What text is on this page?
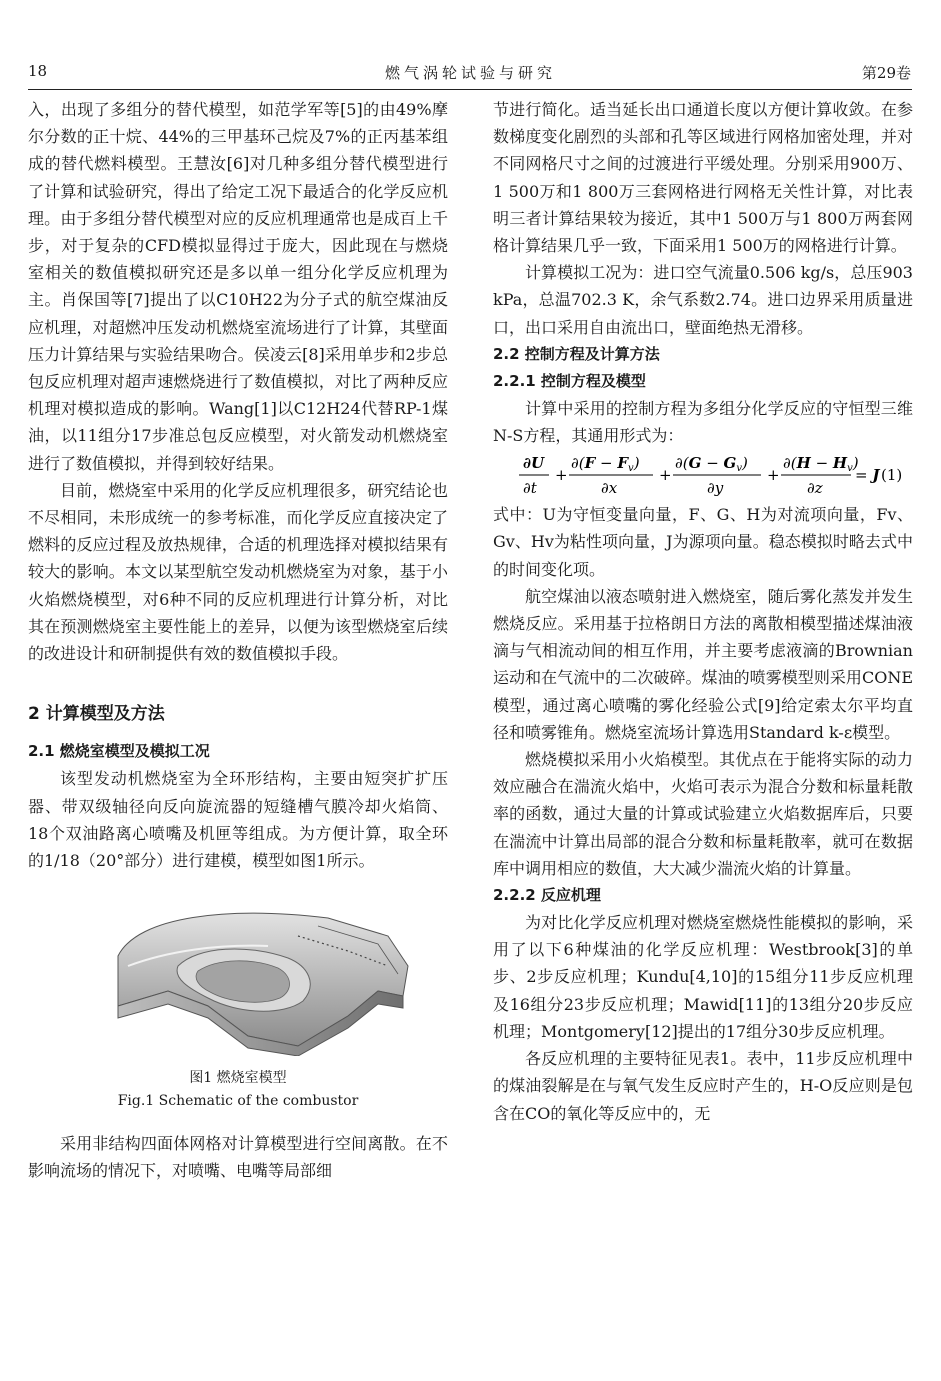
18	燃气涡轮试验与研究	第29卷

入，出现了多组分的替代模型，如范学军等[5]的由49%摩尔分数的正十烷、44%的三甲基环己烷及7%的正丙基苯组成的替代燃料模型。王慧汝[6]对几种多组分替代模型进行了计算和试验研究，得出了给定工况下最适合的化学反应机理。由于多组分替代模型对应的反应机理通常也是成百上千步，对于复杂的CFD模拟显得过于庞大，因此现在与燃烧室相关的数值模拟研究还是多以单一组分化学反应机理为主。肖保国等[7]提出了以C10H22为分子式的航空煤油反应机理，对超燃冲压发动机燃烧室流场进行了计算，其壁面压力计算结果与实验结果吻合。侯凌云[8]采用单步和2步总包反应机理对超声速燃烧进行了数值模拟，对比了两种反应机理对模拟造成的影响。Wang[1]以C12H24代替RP-1煤油，以11组分17步准总包反应模型，对火箭发动机燃烧室进行了数值模拟，并得到较好结果。

目前，燃烧室中采用的化学反应机理很多，研究结论也不尽相同，未形成统一的参考标准，而化学反应直接决定了燃料的反应过程及放热规律，合适的机理选择对模拟结果有较大的影响。本文以某型航空发动机燃烧室为对象，基于小火焰燃烧模型，对6种不同的反应机理进行计算分析，对比其在预测燃烧室主要性能上的差异，以便为该型燃烧室后续的改进设计和研制提供有效的数值模拟手段。

2 计算模型及方法
2.1 燃烧室模型及模拟工况

该型发动机燃烧室为全环形结构，主要由短突扩扩压器、带双级轴径向反向旋流器的短缝槽气膜冷却火焰筒、18个双油路离心喷嘴及机匣等组成。为方便计算，取全环的1/18（20°部分）进行建模，模型如图1所示。

图1 燃烧室模型
Fig.1 Schematic of the combustor

采用非结构四面体网格对计算模型进行空间离散。在不影响流场的情况下，对喷嘴、电嘴等局部细

节进行简化。适当延长出口通道长度以方便计算收敛。在参数梯度变化剧烈的头部和孔等区域进行网格加密处理，并对不同网格尺寸之间的过渡进行平缓处理。分别采用900万、1 500万和1 800万三套网格进行网格无关性计算，对比表明三者计算结果较为接近，其中1 500万与1 800万两套网格计算结果几乎一致，下面采用1 500万的网格进行计算。

计算模拟工况为：进口空气流量0.506 kg/s，总压903 kPa，总温702.3 K，余气系数2.74。进口边界采用质量进口，出口采用自由流出口，壁面绝热无滑移。

2.2 控制方程及计算方法
2.2.1 控制方程及模型

计算中采用的控制方程为多组分化学反应的守恒型三维N-S方程，其通用形式为：

∂U
∂t
+
$\partial(F - F_v)$
∂x
+
$\partial(G - G_v)$
∂y
+
$\partial(H - H_v)$
∂z
= J (1)

式中：U为守恒变量向量，F、G、H为对流项向量，Fv、Gv、Hv为粘性项向量，J为源项向量。稳态模拟时略去式中的时间变化项。

航空煤油以液态喷射进入燃烧室，随后雾化蒸发并发生燃烧反应。采用基于拉格朗日方法的离散相模型描述煤油液滴与气相流动间的相互作用，并主要考虑液滴的Brownian运动和在气流中的二次破碎。煤油的喷雾模型则采用CONE模型，通过离心喷嘴的雾化经验公式[9]给定索太尔平均直径和喷雾锥角。燃烧室流场计算选用Standard k-ε模型。

燃烧模拟采用小火焰模型。其优点在于能将实际的动力效应融合在湍流火焰中，火焰可表示为混合分数和标量耗散率的函数，通过大量的计算或试验建立火焰数据库后，只要在湍流中计算出局部的混合分数和标量耗散率，就可在数据库中调用相应的数值，大大减少湍流火焰的计算量。

2.2.2 反应机理

为对比化学反应机理对燃烧室燃烧性能模拟的影响，采用了以下6种煤油的化学反应机理：Westbrook[3]的单步、2步反应机理；Kundu[4,10]的15组分11步反应机理及16组分23步反应机理；Mawid[11]的13组分20步反应机理；Montgomery[12]提出的17组分30步反应机理。

各反应机理的主要特征见表1。表中，11步反应机理中的煤油裂解是在与氧气发生反应时产生的，H-O反应则是包含在CO的氧化等反应中的，无
